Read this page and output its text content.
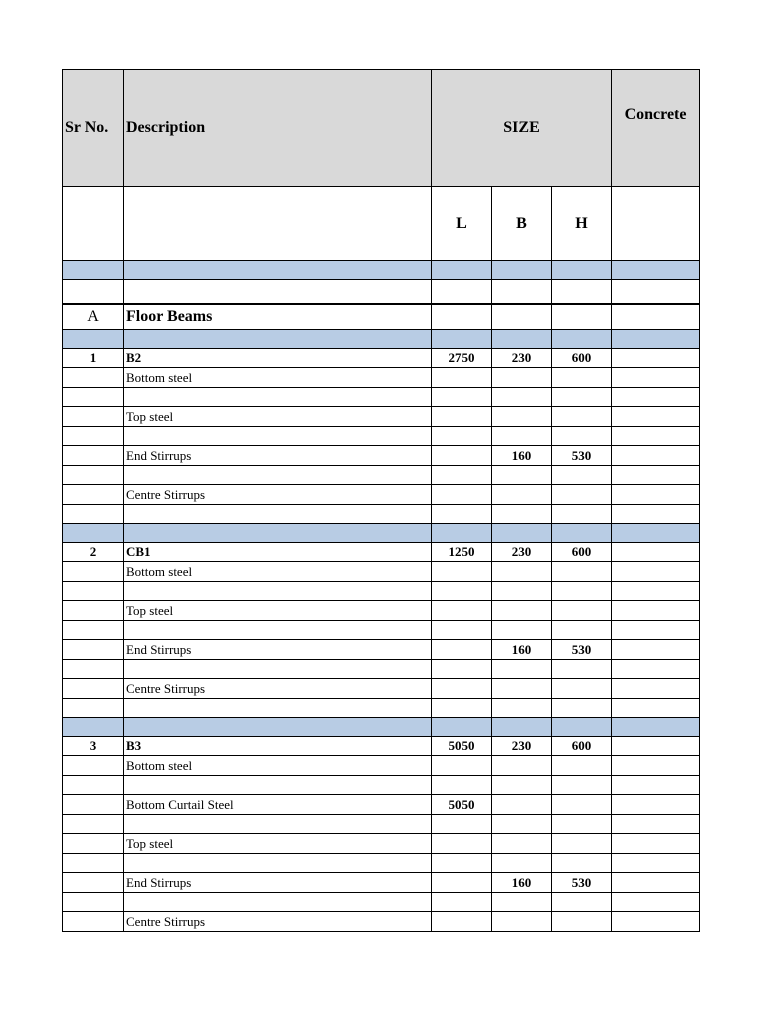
Sr No.	Description	SIZE			Concrete
		L	B	H	

A	Floor Beams				

1	B2	2750	230	600	
	Bottom steel				

	Top steel				

	End Stirrups		160	530	

	Centre Stirrups				

2	CB1	1250	230	600	
	Bottom steel				

	Top steel				

	End Stirrups		160	530	

	Centre Stirrups				

3	B3	5050	230	600	
	Bottom steel				

	Bottom Curtail Steel	5050			

	Top steel				

	End Stirrups		160	530	

	Centre Stirrups				
